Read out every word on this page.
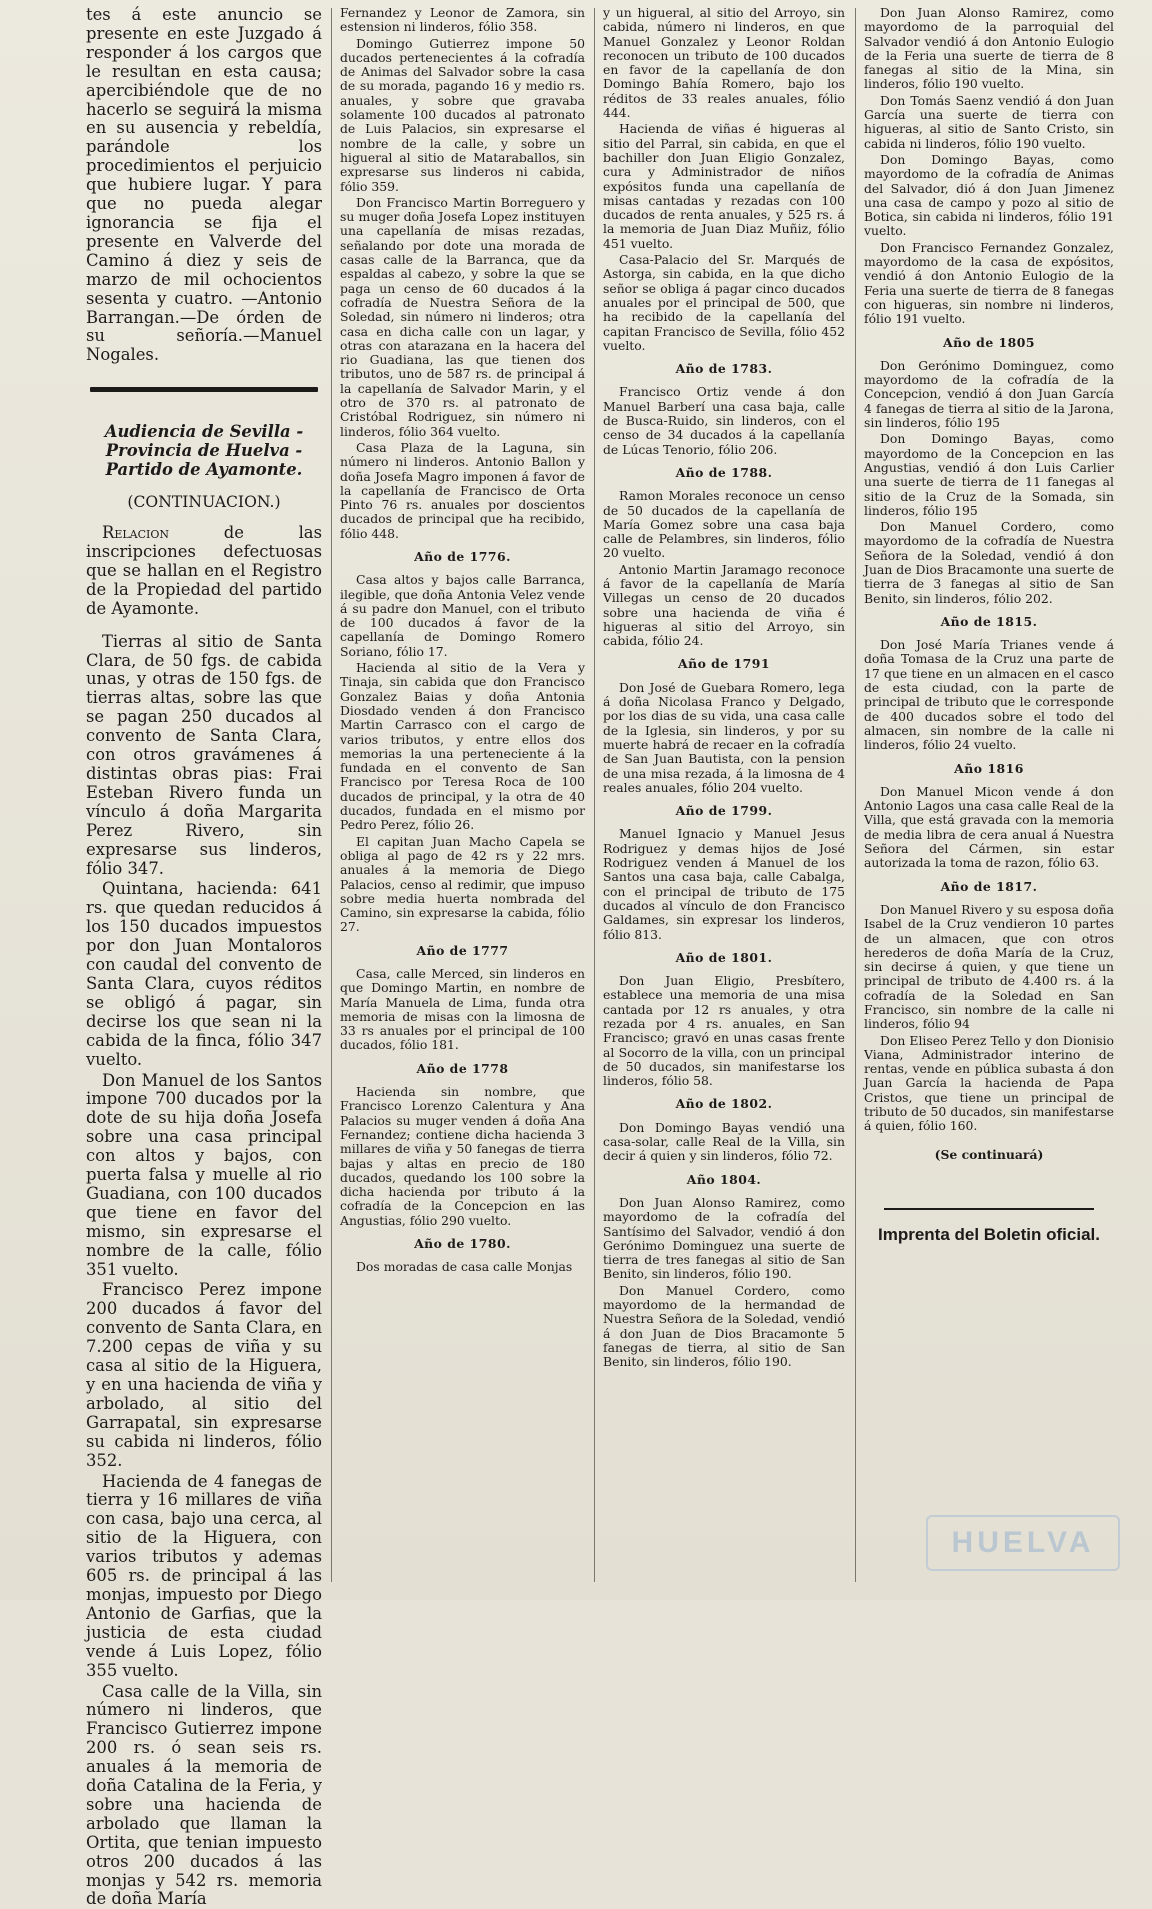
tes á este anuncio se presente en este Juzgado á responder á los cargos que le resultan en esta causa; apercibiéndole que de no hacerlo se seguirá la misma en su ausencia y rebeldía, parándole los procedimientos el perjuicio que hubiere lugar. Y para que no pueda alegar ignorancia se fija el presente en Valverde del Camino á diez y seis de marzo de mil ochocientos sesenta y cuatro. —Antonio Barrangan.—De órden de su señoría.—Manuel Nogales.

Audiencia de Sevilla -Provincia de Huelva -Partido de Ayamonte.
(CONTINUACION.)

Relacion	de las inscripciones defectuosas que se hallan en el Registro de la Propiedad del partido de Ayamonte.

Tierras al sitio de Santa Clara, de 50 fgs. de cabida unas, y otras de 150 fgs. de tierras altas, sobre las que se pagan 250 ducados al convento de Santa Clara, con otros gravámenes á distintas obras pias: Frai Esteban Rivero funda un vínculo á doña Margarita Perez Rivero, sin expresarse sus linderos, fólio 347.

Quintana, hacienda: 641 rs. que quedan reducidos á los 150 ducados impuestos por don Juan Montaloros con caudal del convento de Santa Clara, cuyos réditos se obligó á pagar, sin decirse los que sean ni la cabida de la finca, fólio 347 vuelto.

Don Manuel de los Santos impone 700 ducados por la dote de su hija doña Josefa sobre una casa principal con altos y bajos, con puerta falsa y muelle al rio Guadiana, con 100 ducados que tiene en favor del mismo, sin expresarse el nombre de la calle, fólio 351 vuelto.

Francisco Perez impone 200 ducados á favor del convento de Santa Clara, en 7.200 cepas de viña y su casa al sitio de la Higuera, y en una hacienda de viña y arbolado, al sitio del Garrapatal, sin expresarse su cabida ni linderos, fólio 352.

Hacienda de 4 fanegas de tierra y 16 millares de viña con casa, bajo una cerca, al sitio de la Higuera, con varios tributos y ademas 605 rs. de principal á las monjas, impuesto por Diego Antonio de Garfias, que la justicia de esta ciudad vende á Luis Lopez, fólio 355 vuelto.

Casa calle de la Villa, sin número ni linderos, que Francisco Gutierrez impone 200 rs. ó sean seis rs. anuales á la memoria de doña Catalina de la Feria, y sobre una hacienda de arbolado que llaman la Ortita, que tenian impuesto otros 200 ducados á las monjas y 542 rs. memoria de doña María

Fernandez y Leonor de Zamora, sin estension ni linderos, fólio 358.

Domingo Gutierrez impone 50 ducados pertenecientes á la cofradía de Animas del Salvador sobre la casa de su morada, pagando 16 y medio rs. anuales, y sobre que gravaba solamente 100 ducados al patronato de Luis Palacios, sin expresarse el nombre de la calle, y sobre un higueral al sitio de Mataraballos, sin expresarse sus linderos ni cabida, fólio 359.

Don Francisco Martin Borreguero y su muger doña Josefa Lopez instituyen una capellanía de misas rezadas, señalando por dote una morada de casas calle de la Barranca, que da espaldas al cabezo, y sobre la que se paga un censo de 60 ducados á la cofradía de Nuestra Señora de la Soledad, sin número ni linderos; otra casa en dicha calle con un lagar, y otras con atarazana en la hacera del rio Guadiana, las que tienen dos tributos, uno de 587 rs. de principal á la capellanía de Salvador Marin, y el otro de 370 rs. al patronato de Cristóbal Rodriguez, sin número ni linderos, fólio 364 vuelto.

Casa Plaza de la Laguna, sin número ni linderos. Antonio Ballon y doña Josefa Magro imponen á favor de la capellanía de Francisco de Orta Pinto 76 rs. anuales por doscientos ducados de principal que ha recibido, fólio 448.

Año de 1776.

Casa altos y bajos calle Barranca, ilegible, que doña Antonia Velez vende á su padre don Manuel, con el tributo de 100 ducados á favor de la capellanía de Domingo Romero Soriano, fólio 17.

Hacienda al sitio de la Vera y Tinaja, sin cabida que don Francisco Gonzalez Baias y doña Antonia Diosdado venden á don Francisco Martin Carrasco con el cargo de varios tributos, y entre ellos dos memorias la una perteneciente á la fundada en el convento de San Francisco por Teresa Roca de 100 ducados de principal, y la otra de 40 ducados, fundada en el mismo por Pedro Perez, fólio 26.

El capitan Juan Macho Capela se obliga al pago de 42 rs y 22 mrs. anuales á la memoria de Diego Palacios, censo al redimir, que impuso sobre media huerta nombrada del Camino, sin expresarse la cabida, fólio 27.

Año de 1777

Casa, calle Merced, sin linderos en que Domingo Martin, en nombre de María Manuela de Lima, funda otra memoria de misas con la limosna de 33 rs anuales por el principal de 100 ducados, fólio 181.

Año de 1778

Hacienda sin nombre, que Francisco Lorenzo Calentura y Ana Palacios su muger venden á doña Ana Fernandez; contiene dicha hacienda 3 millares de viña y 50 fanegas de tierra bajas y altas en precio de 180 ducados, quedando los 100 sobre la dicha hacienda por tributo á la cofradía de la Concepcion en las Angustias, fólio 290 vuelto.

Año de 1780.

Dos moradas de casa calle Monjas

y un higueral, al sitio del Arroyo, sin cabida, número ni linderos, en que Manuel Gonzalez y Leonor Roldan reconocen un tributo de 100 ducados en favor de la capellanía de don Domingo Bahía Romero, bajo los réditos de 33 reales anuales, fólio 444.

Hacienda de viñas é higueras al sitio del Parral, sin cabida, en que el bachiller don Juan Eligio Gonzalez, cura y Administrador de niños expósitos funda una capellanía de misas cantadas y rezadas con 100 ducados de renta anuales, y 525 rs. á la memoria de Juan Diaz Muñiz, fólio 451 vuelto.

Casa-Palacio del Sr. Marqués de Astorga, sin cabida, en la que dicho señor se obliga á pagar cinco ducados anuales por el principal de 500, que ha recibido de la capellanía del capitan Francisco de Sevilla, fólio 452 vuelto.

Año de 1783.

Francisco Ortiz vende á don Manuel Barberí una casa baja, calle de Busca-Ruido, sin linderos, con el censo de 34 ducados á la capellanía de Lúcas Tenorio, fólio 206.

Año de 1788.

Ramon Morales reconoce un censo de 50 ducados de la capellanía de María Gomez sobre una casa baja calle de Pelambres, sin linderos, fólio 20 vuelto.

Antonio Martin Jaramago reconoce á favor de la capellanía de María Villegas un censo de 20 ducados sobre una hacienda de viña é higueras al sitio del Arroyo, sin cabida, fólio 24.

Año de 1791

Don José de Guebara Romero, lega á doña Nicolasa Franco y Delgado, por los dias de su vida, una casa calle de la Iglesia, sin linderos, y por su muerte habrá de recaer en la cofradía de San Juan Bautista, con la pension de una misa rezada, á la limosna de 4 reales anuales, fólio 204 vuelto.

Año de 1799.

Manuel Ignacio y Manuel Jesus Rodriguez y demas hijos de José Rodriguez venden á Manuel de los Santos una casa baja, calle Cabalga, con el principal de tributo de 175 ducados al vínculo de don Francisco Galdames, sin expresar los linderos, fólio 813.

Año de 1801.

Don Juan Eligio, Presbítero, establece una memoria de una misa cantada por 12 rs anuales, y otra rezada por 4 rs. anuales, en San Francisco; gravó en unas casas frente al Socorro de la villa, con un principal de 50 ducados, sin manifestarse los linderos, fólio 58.

Año de 1802.

Don Domingo Bayas vendió una casa-solar, calle Real de la Villa, sin decir á quien y sin linderos, fólio 72.

Año 1804.

Don Juan Alonso Ramirez, como mayordomo de la cofradía del Santísimo del Salvador, vendió á don Gerónimo Dominguez una suerte de tierra de tres fanegas al sitio de San Benito, sin linderos, fólio 190.

Don Manuel Cordero, como mayordomo de la hermandad de Nuestra Señora de la Soledad, vendió á don Juan de Dios Bracamonte 5 fanegas de tierra, al sitio de San Benito, sin linderos, fólio 190.

Don Juan Alonso Ramirez, como mayordomo de la parroquial del Salvador vendió á don Antonio Eulogio de la Feria una suerte de tierra de 8 fanegas al sitio de la Mina, sin linderos, fólio 190 vuelto.

Don Tomás Saenz vendió á don Juan García una suerte de tierra con higueras, al sitio de Santo Cristo, sin cabida ni linderos, fólio 190 vuelto.

Don Domingo Bayas, como mayordomo de la cofradía de Animas del Salvador, dió á don Juan Jimenez una casa de campo y pozo al sitio de Botica, sin cabida ni linderos, fólio 191 vuelto.

Don Francisco Fernandez Gonzalez, mayordomo de la casa de expósitos, vendió á don Antonio Eulogio de la Feria una suerte de tierra de 8 fanegas con higueras, sin nombre ni linderos, fólio 191 vuelto.

Año de 1805

Don Gerónimo Dominguez, como mayordomo de la cofradía de la Concepcion, vendió á don Juan García 4 fanegas de tierra al sitio de la Jarona, sin linderos, fólio 195

Don Domingo Bayas, como mayordomo de la Concepcion en las Angustias, vendió á don Luis Carlier una suerte de tierra de 11 fanegas al sitio de la Cruz de la Somada, sin linderos, fólio 195

Don Manuel Cordero, como mayordomo de la cofradía de Nuestra Señora de la Soledad, vendió á don Juan de Dios Bracamonte una suerte de tierra de 3 fanegas al sitio de San Benito, sin linderos, fólio 202.

Año de 1815.

Don José María Trianes vende á doña Tomasa de la Cruz una parte de 17 que tiene en un almacen en el casco de esta ciudad, con la parte de principal de tributo que le corresponde de 400 ducados sobre el todo del almacen, sin nombre de la calle ni linderos, fólio 24 vuelto.

Año 1816

Don Manuel Micon vende á don Antonio Lagos una casa calle Real de la Villa, que está gravada con la memoria de media libra de cera anual á Nuestra Señora del Cármen, sin estar autorizada la toma de razon, fólio 63.

Año de 1817.

Don Manuel Rivero y su esposa doña Isabel de la Cruz vendieron 10 partes de un almacen, que con otros herederos de doña María de la Cruz, sin decirse á quien, y que tiene un principal de tributo de 4.400 rs. á la cofradía de la Soledad en San Francisco, sin nombre de la calle ni linderos, fólio 94

Don Eliseo Perez Tello y don Dionisio Viana, Administrador interino de rentas, vende en pública subasta á don Juan García la hacienda de Papa Cristos, que tiene un principal de tributo de 50 ducados, sin manifestarse á quien, fólio 160.

(Se continuará)
Imprenta del Boletin oficial.
HUELVA
